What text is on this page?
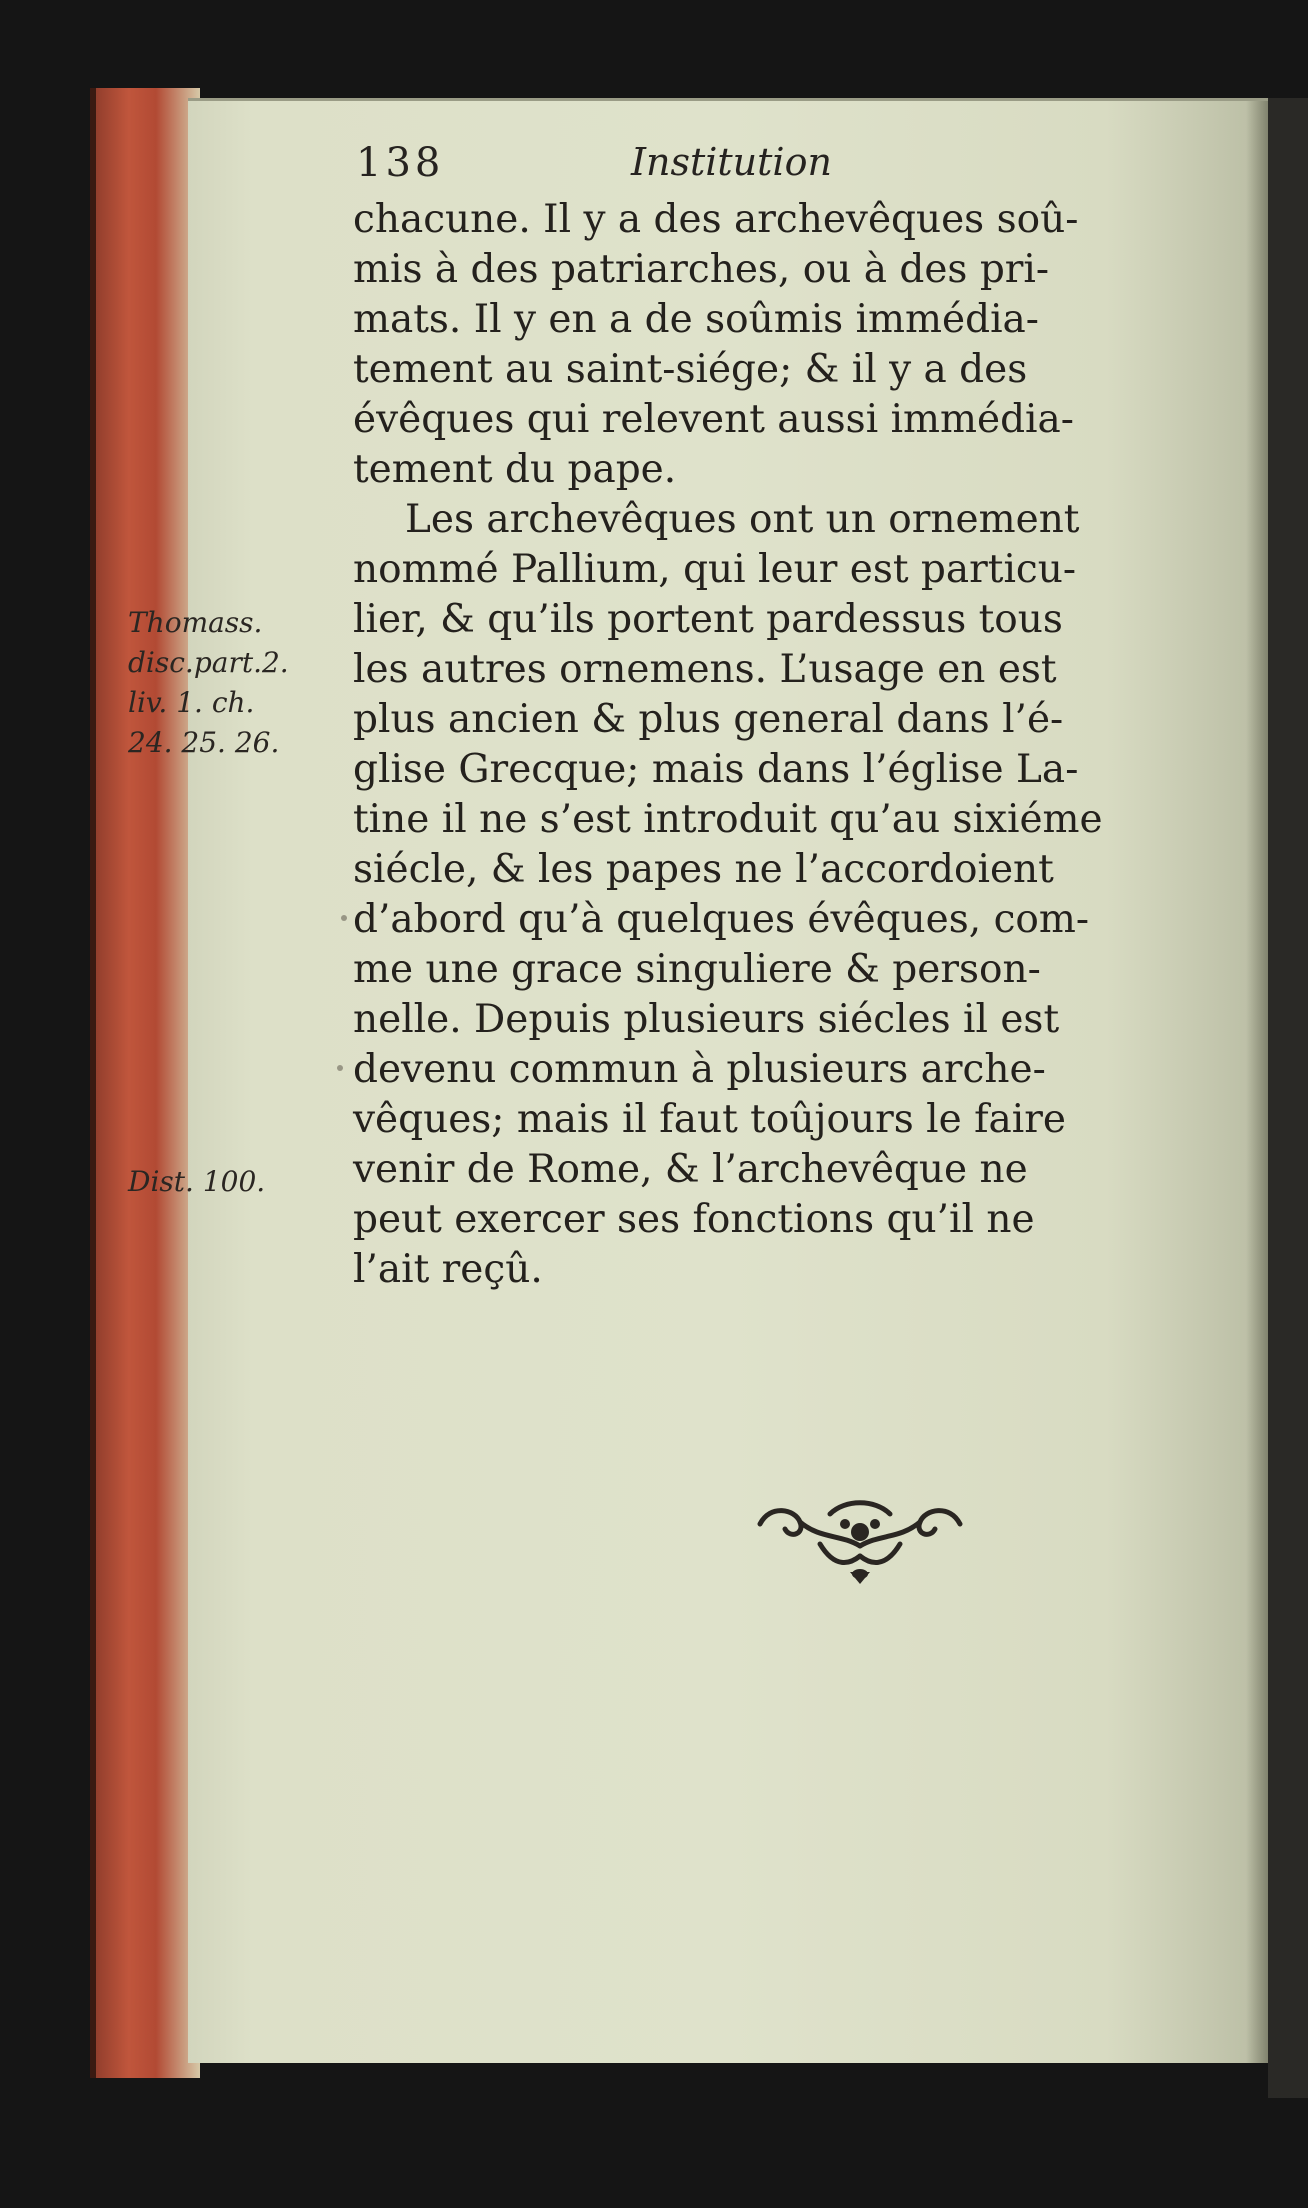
138	Institution
chacune. Il y a des archevêques soû-
mis à des patriarches, ou à des pri-
mats. Il y en a de soûmis immédia-
tement au saint-siége; & il y a des
évêques qui relevent aussi immédia-
tement du pape.
Les archevêques ont un ornement
nommé Pallium, qui leur est particu-
lier, & qu’ils portent pardessus tous
les autres ornemens. L’usage en est
plus ancien & plus general dans l’é-
glise Grecque; mais dans l’église La-
tine il ne s’est introduit qu’au sixiéme
siécle, & les papes ne l’accordoient
d’abord qu’à quelques évêques, com-
me une grace singuliere & person-
nelle. Depuis plusieurs siécles il est
devenu commun à plusieurs arche-
vêques; mais il faut toûjours le faire
venir de Rome, & l’archevêque ne
peut exercer ses fonctions qu’il ne
l’ait reçû.
Thomass.
disc.part.2.
liv. 1. ch.
24. 25. 26.
Dist. 100.
